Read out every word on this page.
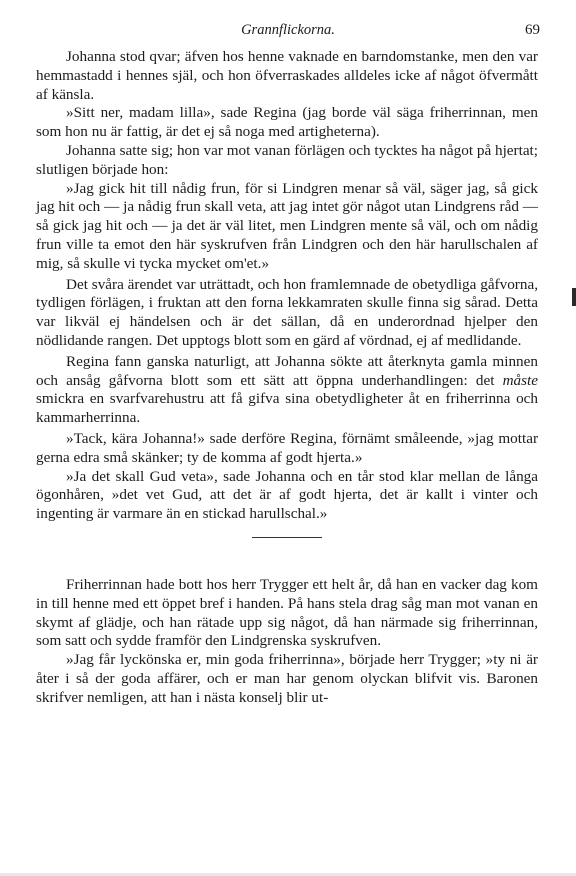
Grannflickorna.	69

Johanna stod qvar; äfven hos henne vaknade en barndomstanke, men den var hemmastadd i hennes själ, och hon öfverraskades alldeles icke af något öfvermått af känsla.

»Sitt ner, madam lilla», sade Regina (jag borde väl säga friherrinnan, men som hon nu är fattig, är det ej så noga med artigheterna).

Johanna satte sig; hon var mot vanan förlägen och tycktes ha något på hjertat; slutligen började hon:

»Jag gick hit till nådig frun, för si Lindgren menar så väl, säger jag, så gick jag hit och — ja nådig frun skall veta, att jag intet gör något utan Lindgrens råd — så gick jag hit och — ja det är väl litet, men Lindgren mente så väl, och om nådig frun ville ta emot den här syskrufven från Lindgren och den här harullschalen af mig, så skulle vi tycka mycket om'et.»

Det svåra ärendet var uträttadt, och hon framlemnade de obetydliga gåfvorna, tydligen förlägen, i fruktan att den forna lekkamraten skulle finna sig sårad. Detta var likväl ej händelsen och är det sällan, då en underordnad hjelper den nödlidande rangen. Det upptogs blott som en gärd af vördnad, ej af medlidande.

Regina fann ganska naturligt, att Johanna sökte att återknyta gamla minnen och ansåg gåfvorna blott som ett sätt att öppna underhandlingen: det måste smickra en svarfvarehustru att få gifva sina obetydligheter åt en friherrinna och kammarherrinna.

»Tack, kära Johanna!» sade derföre Regina, förnämt småleende, »jag mottar gerna edra små skänker; ty de komma af godt hjerta.»

»Ja det skall Gud veta», sade Johanna och en tår stod klar mellan de långa ögonhåren, »det vet Gud, att det är af godt hjerta, det är kallt i vinter och ingenting är varmare än en stickad harullschal.»

Friherrinnan hade bott hos herr Trygger ett helt år, då han en vacker dag kom in till henne med ett öppet bref i handen. På hans stela drag såg man mot vanan en skymt af glädje, och han rätade upp sig något, då han närmade sig friherrinnan, som satt och sydde framför den Lindgrenska syskrufven.

»Jag får lyckönska er, min goda friherrinna», började herr Trygger; »ty ni är åter i så der goda affärer, och er man har genom olyckan blifvit vis. Baronen skrifver nemligen, att han i nästa konselj blir ut-
